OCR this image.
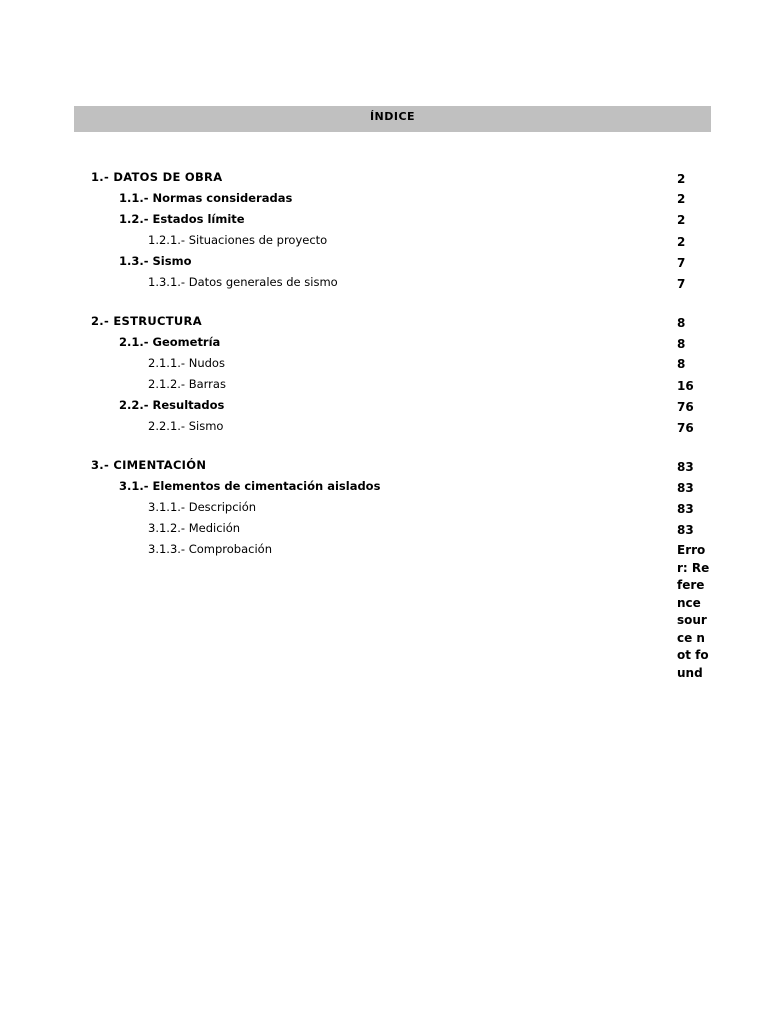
ÍNDICE
1.- DATOS DE OBRA	2
1.1.- Normas consideradas	2
1.2.- Estados límite	2
1.2.1.- Situaciones de proyecto	2
1.3.- Sismo	7
1.3.1.- Datos generales de sismo	7
2.- ESTRUCTURA	8
2.1.- Geometría	8
2.1.1.- Nudos	8
2.1.2.- Barras	16
2.2.- Resultados	76
2.2.1.- Sismo	76
3.- CIMENTACIÓN	83
3.1.- Elementos de cimentación aislados	83
3.1.1.- Descripción	83
3.1.2.- Medición	83
3.1.3.- Comprobación	Error: Reference source not found
